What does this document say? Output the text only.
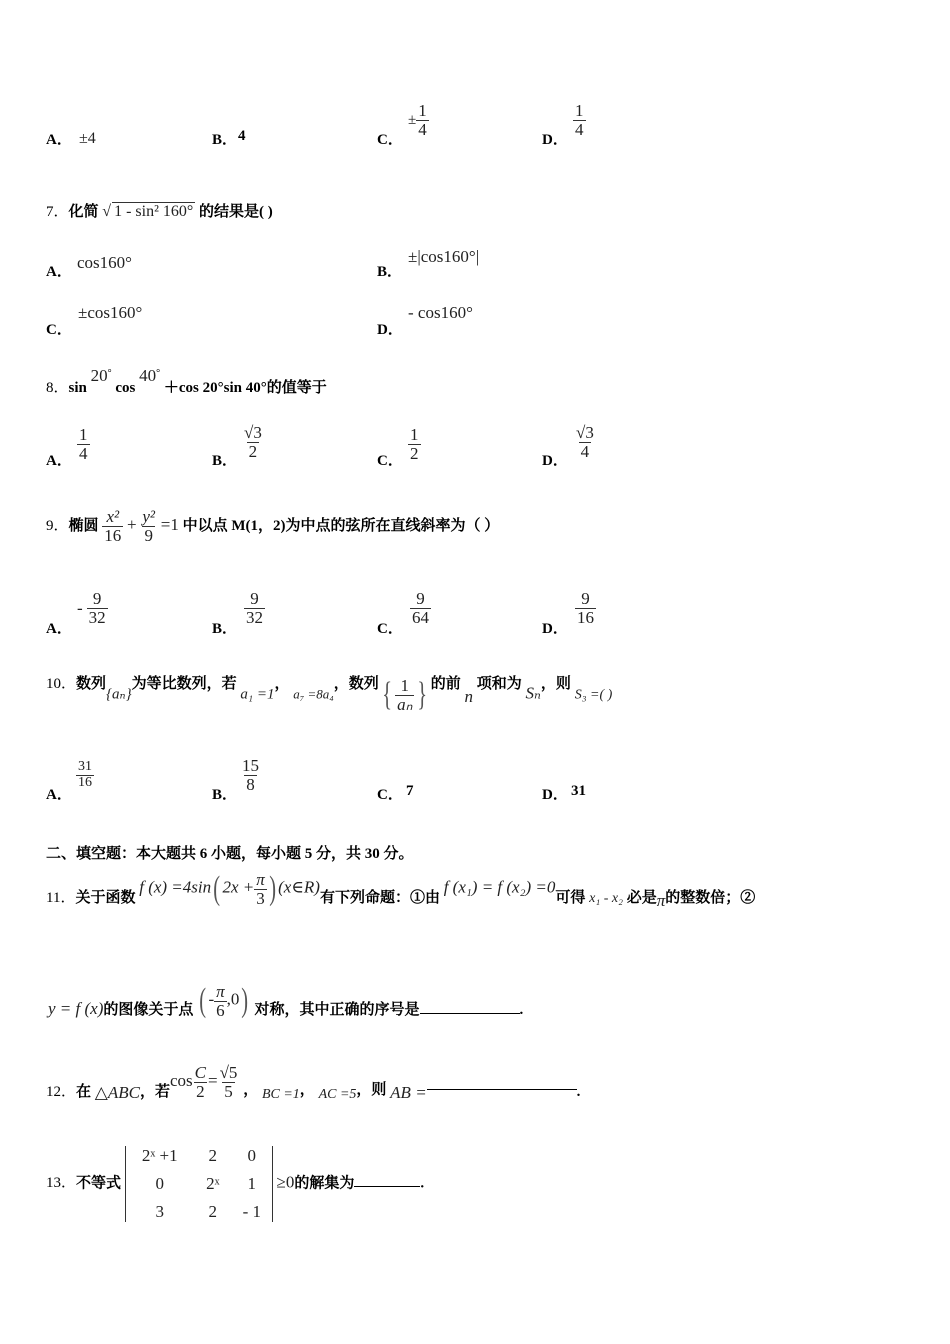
A． ±4	B． 4	C．
± $\frac{1}{4}$
D．
$\frac{1}{4}$
7．化简 √ 1 - sin² 160° 的结果是( )
A． cos160°	B．
±|cos160°|
C．
±cos160°
D．
- cos160°
8．sin 20° cos 40° ＋cos 20°sin 40°的值等于
A． $\frac{1}{4}$	B．
$\frac{√3}{2}$
C． $\frac{1}{2}$	D．
$\frac{√3}{4}$
9．椭圆 $\frac{\text{x²}}{16} + \frac{\text{y²}}{9} =1$ 中以点 M(1，2)为中点的弦所在直线斜率为（ ）
A．
- $\frac{9}{32}$
B．
$\frac{9}{32}$
C．
$\frac{9}{64}$
D．
$\frac{9}{16}$
10．数列{aₙ}为等比数列，若 a₁ =1， a₇ =8a₄，数列{ $\frac{1}{\text{aₙ}}$ } 的前 n 项和为 Sₙ，则 S₃ =( )
A．
$\frac{31}{16}$
B．
$\frac{15}{8}$
C． 7	D． 31
二、填空题：本大题共 6 小题，每小题 5 分，共 30 分。
11．关于函数 f (x) =4sin( $2x + \frac{\pi}{3}$ ) (x∈R)有下列命题：①由 f (x₁) = f (x₂) =0可得 x₁ - x₂ 必是π的整数倍；②
y = f (x)的图像关于点 ( - $\frac{\pi}{6} ,0$) 对称，其中正确的序号是	.
12．在 △ABC，若$\cos \frac{C}{2} = \frac{√5}{5}$ ， BC =1， AC =5，则 AB =	.
13．不等式
2ˣ +1	2	0
0	2ˣ	1
3	2	- 1
≥0的解集为	.
